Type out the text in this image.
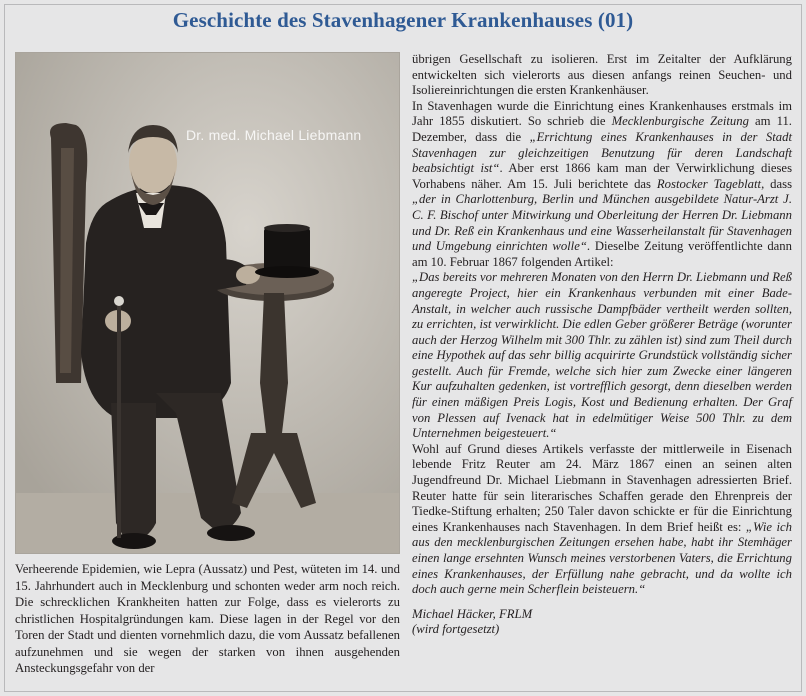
Geschichte des Stavenhagener Krankenhauses (01)
Dr. med. Michael Liebmann
Verheerende Epidemien, wie Lepra (Aussatz) und Pest, wüteten im 14. und 15. Jahrhundert auch in Mecklenburg und schonten weder arm noch reich. Die schrecklichen Krankheiten hatten zur Folge, dass es vielerorts zu christlichen Hospitalgründungen kam. Diese lagen in der Regel vor den Toren der Stadt und dienten vornehmlich dazu, die vom Aussatz befallenen aufzunehmen und sie wegen der starken von ihnen ausgehenden Ansteckungsgefahr von der

übrigen Gesellschaft zu isolieren. Erst im Zeitalter der Aufklärung entwickelten sich vielerorts aus diesen anfangs reinen Seuchen- und Isoliereinrichtungen die ersten Krankenhäuser.

In Stavenhagen wurde die Einrichtung eines Krankenhauses erstmals im Jahr 1855 diskutiert. So schrieb die Mecklenburgische Zeitung am 11. Dezember, dass die „Errichtung eines Krankenhauses in der Stadt Stavenhagen zur gleichzeitigen Benutzung für deren Landschaft beabsichtigt ist“. Aber erst 1866 kam man der Verwirklichung dieses Vorhabens näher. Am 15. Juli berichtete das Rostocker Tageblatt, dass „der in Charlottenburg, Berlin und München ausgebildete Natur-Arzt J. C. F. Bischof unter Mitwirkung und Oberleitung der Herren Dr. Liebmann und Dr. Reß ein Krankenhaus und eine Wasserheilanstalt für Stavenhagen und Umgebung einrichten wolle“. Dieselbe Zeitung veröffentlichte dann am 10. Februar 1867 folgenden Artikel:

„Das bereits vor mehreren Monaten von den Herrn Dr. Liebmann und Reß angeregte Project, hier ein Krankenhaus verbunden mit einer Bade-Anstalt, in welcher auch russische Dampfbäder vertheilt werden sollten, zu errichten, ist verwirklicht. Die edlen Geber größerer Beträge (worunter auch der Herzog Wilhelm mit 300 Thlr. zu zählen ist) sind zum Theil durch eine Hypothek auf das sehr billig acquirirte Grundstück vollständig sicher gestellt. Auch für Fremde, welche sich hier zum Zwecke einer längeren Kur aufzuhalten gedenken, ist vortrefflich gesorgt, denn dieselben werden für einen mäßigen Preis Logis, Kost und Bedienung erhalten. Der Graf von Plessen auf Ivenack hat in edelmütiger Weise 500 Thlr. zu dem Unternehmen beigesteuert.“

Wohl auf Grund dieses Artikels verfasste der mittlerweile in Eisenach lebende Fritz Reuter am 24. März 1867 einen an seinen alten Jugendfreund Dr. Michael Liebmann in Stavenhagen adressierten Brief. Reuter hatte für sein literarisches Schaffen gerade den Ehrenpreis der Tiedke-Stiftung erhalten; 250 Taler davon schickte er für die Einrichtung eines Krankenhauses nach Stavenhagen. In dem Brief heißt es: „Wie ich aus den mecklenburgischen Zeitungen ersehen habe, habt ihr Stemhäger einen lange ersehnten Wunsch meines verstorbenen Vaters, die Errichtung eines Krankenhauses, der Erfüllung nahe gebracht, und da wollte ich doch auch gerne mein Scherflein beisteuern.“

Michael Häcker, FRLM
(wird fortgesetzt)
